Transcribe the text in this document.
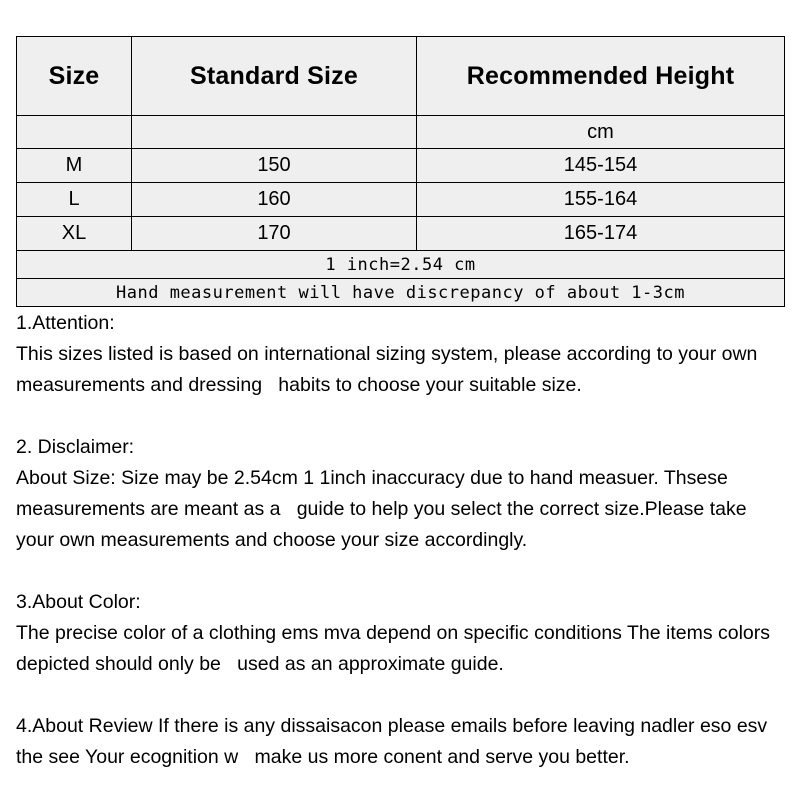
Size	Standard Size	Recommended Height
		cm
M	150	145-154
L	160	155-164
XL	170	165-174
1 inch=2.54 cm		
Hand measurement will have discrepancy of about 1-3cm		

1.Attention:

This sizes listed is based on international sizing system, please according to your own measurements and dressing   habits to choose your suitable size.

2. Disclaimer:

About Size: Size may be 2.54cm 1 1inch inaccuracy due to hand measuer. Thsese measurements are meant as a   guide to help you select the correct size.Please take your own measurements and choose your size accordingly.

3.About Color:

The precise color of a clothing ems mva depend on specific conditions The items colors depicted should only be   used as an approximate guide.

4.About Review If there is any dissaisacon please emails before leaving nadler eso esv the see Your ecognition w   make us more conent and serve you better.
